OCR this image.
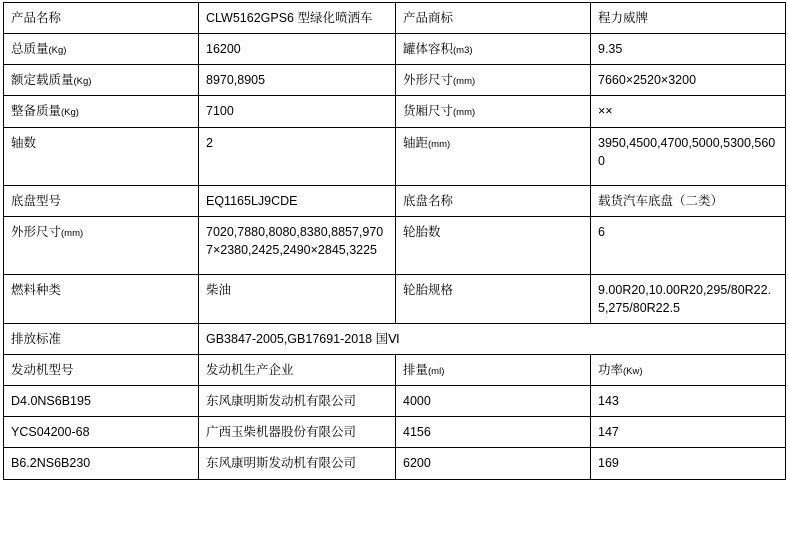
产品名称	CLW5162GPS6 型绿化喷洒车	产品商标	程力威牌
总质量(Kg)	16200	罐体容积(m3)	9.35
额定载质量(Kg)	8970,8905	外形尺寸(mm)	7660×2520×3200
整备质量(Kg)	7100	货厢尺寸(mm)	××
轴数	2	轴距(mm)	3950,4500,4700,5000,5300,5600
底盘型号	EQ1165LJ9CDE	底盘名称	载货汽车底盘（二类）
外形尺寸(mm)	7020,7880,8080,8380,8857,9707×2380,2425,2490×2845,3225	轮胎数	6
燃料种类	柴油	轮胎规格	9.00R20,10.00R20,295/80R22.5,275/80R22.5
排放标准	GB3847-2005,GB17691-2018 国Ⅵ		
发动机型号	发动机生产企业	排量(ml)	功率(Kw)
D4.0NS6B195	东风康明斯发动机有限公司	4000	143
YCS04200-68	广西玉柴机器股份有限公司	4156	147
B6.2NS6B230	东风康明斯发动机有限公司	6200	169
